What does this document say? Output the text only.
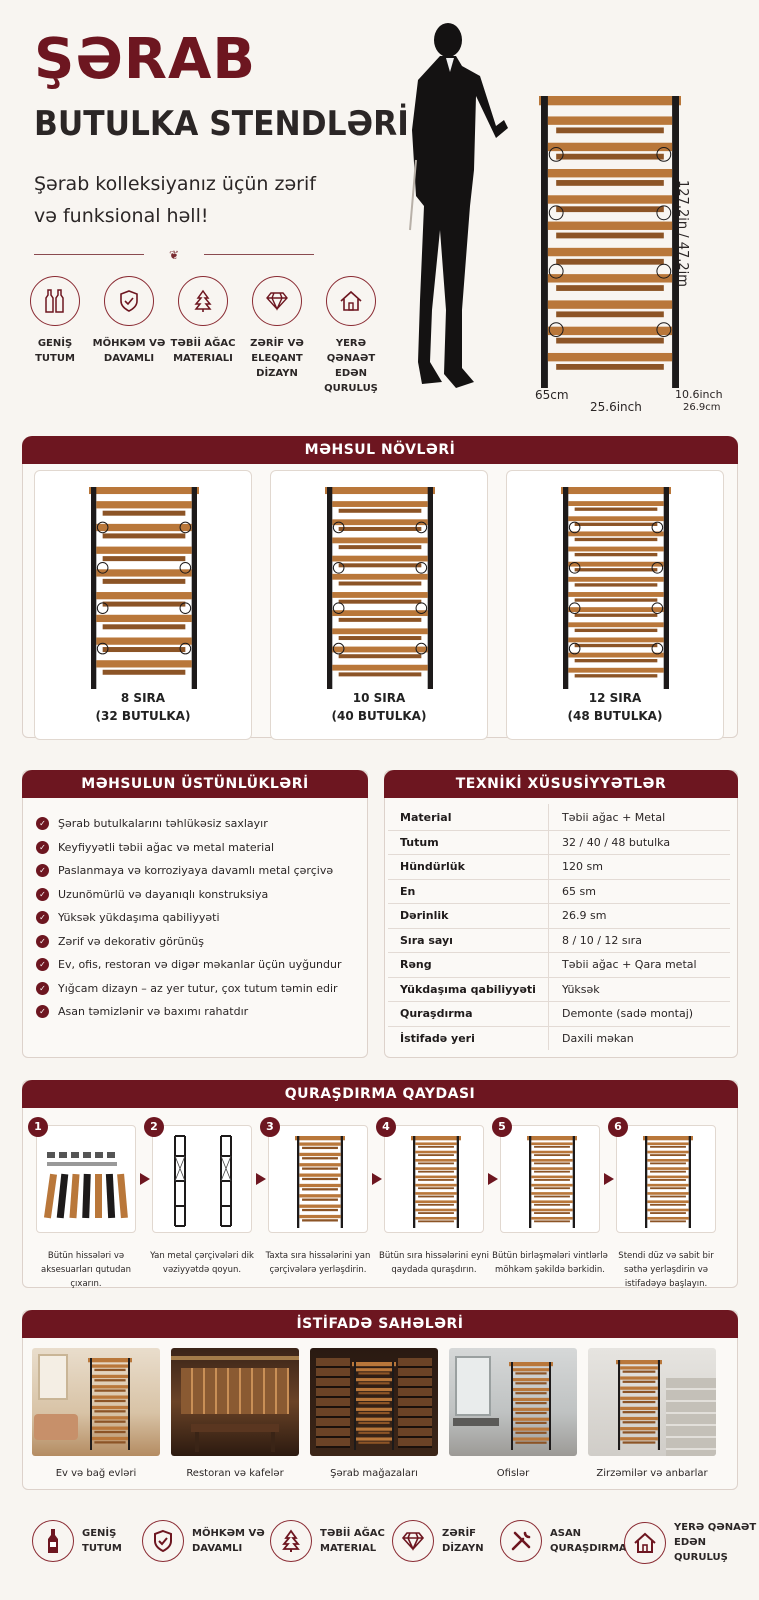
ŞƏRAB
BUTULKA STENDLƏRİ
Şərab kolleksiyanız üçün zərif və funksional həll!
❦
GENİŞ TUTUM
MÖHKƏM VƏ DAVAMLI
TƏBİİ AĞAC MATERIALI
ZƏRİF VƏ ELEQANT DİZAYN
YERƏ QƏNAƏT EDƏN QURULUŞ
127.2in / 47.2im
65cm
25.6inch
10.6inch
26.9cm
MƏHSUL NÖVLƏRİ
8 SIRA
(32 BUTULKA)
10 SIRA
(40 BUTULKA)
12 SIRA
(48 BUTULKA)
MƏHSULUN ÜSTÜNLÜKLƏRİ
✓ Şərab butulkalarını təhlükəsiz saxlayır
✓ Keyfiyyətli təbii ağac və metal material
✓ Paslanmaya və korroziyaya davamlı metal çərçivə
✓ Uzunömürlü və dayanıqlı konstruksiya
✓ Yüksək yükdaşıma qabiliyyəti
✓ Zərif və dekorativ görünüş
✓ Ev, ofis, restoran və digər məkanlar üçün uyğundur
✓ Yığcam dizayn – az yer tutur, çox tutum təmin edir
✓ Asan təmizlənir və baxımı rahatdır
TEXNİKİ XÜSUSİYYƏTLƏR
Material	Təbii ağac + Metal
Tutum	32 / 40 / 48 butulka
Hündürlük	120 sm
En	65 sm
Dərinlik	26.9 sm
Sıra sayı	8 / 10 / 12 sıra
Rəng	Təbii ağac + Qara metal
Yükdaşıma qabiliyyəti Yüksək
Quraşdırma	Demonte (sadə montaj)
İstifadə yeri	Daxili məkan
QURAŞDIRMA QAYDASI
1
Bütün hissələri və aksesuarları qutudan çıxarın.
2
Yan metal çərçivələri dik vəziyyətdə qoyun.
3
Taxta sıra hissələrini yan çərçivələrə yerləşdirin.
4
Bütün sıra hissələrini eyni qaydada quraşdırın.
5
Bütün birləşmələri vintlərlə möhkəm şəkildə bərkidin.
6
Stendi düz və sabit bir səthə yerləşdirin və istifadəyə başlayın.
İSTİFADƏ SAHƏLƏRİ
Ev və bağ evləri	Restoran və kafelər	Şərab mağazaları	Ofislər	Zirzəmilər və anbarlar
GENİŞ
TUTUM
MÖHKƏM VƏ
DAVAMLI
TƏBİİ AĞAC
MATERIAL
ZƏRİF
DİZAYN
ASAN
QURAŞDIRMA
YERƏ QƏNAƏT
EDƏN QURULUŞ
